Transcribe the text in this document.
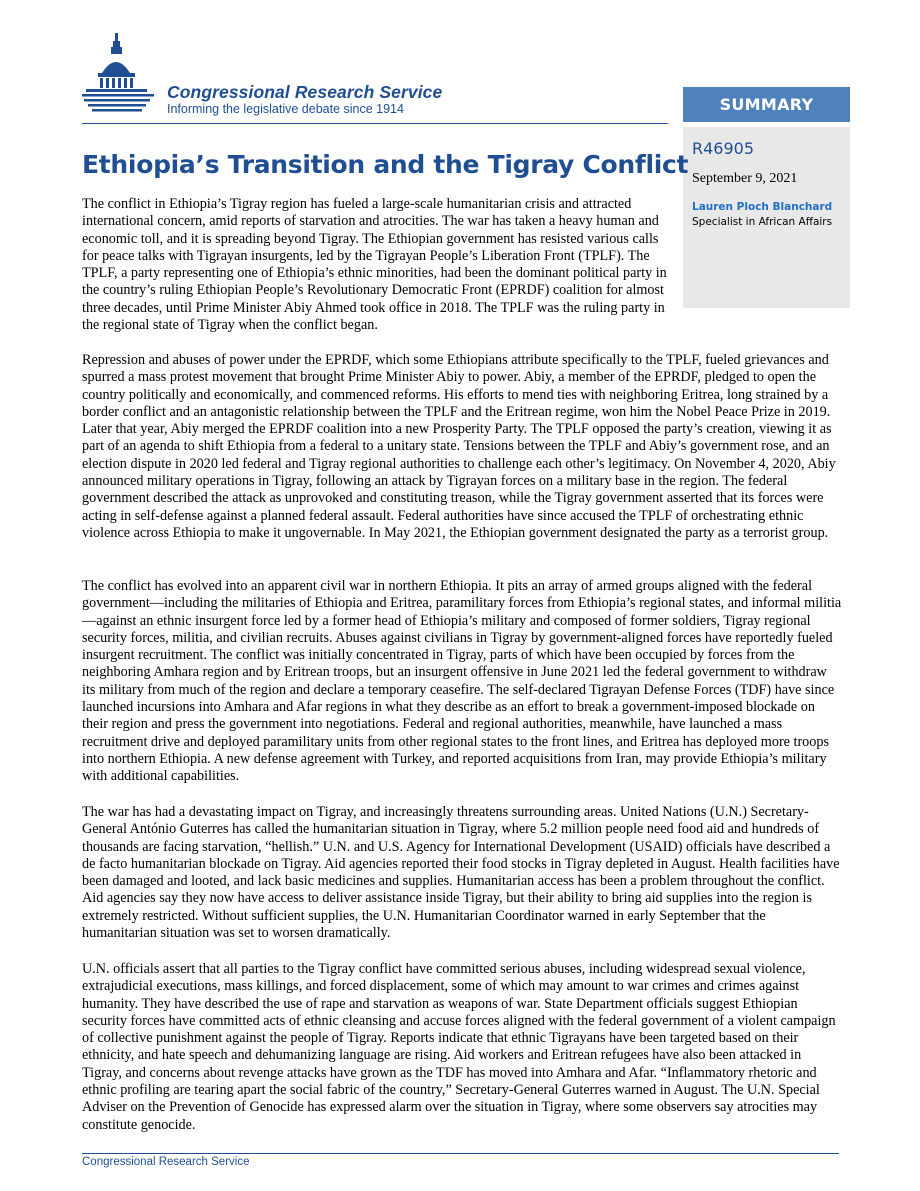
Congressional Research Service
Informing the legislative debate since 1914	SUMMARY
R46905
September 9, 2021
Lauren Ploch Blanchard
Specialist in African Affairs
Ethiopia’s Transition and the Tigray Conflict

The conflict in Ethiopia’s Tigray region has fueled a large-scale humanitarian crisis and attracted international concern, amid reports of starvation and atrocities. The war has taken a heavy human and economic toll, and it is spreading beyond Tigray. The Ethiopian government has resisted various calls for peace talks with Tigrayan insurgents, led by the Tigrayan People’s Liberation Front (TPLF). The TPLF, a party representing one of Ethiopia’s ethnic minorities, had been the dominant political party in the country’s ruling Ethiopian People’s Revolutionary Democratic Front (EPRDF) coalition for almost three decades, until Prime Minister Abiy Ahmed took office in 2018. The TPLF was the ruling party in the regional state of Tigray when the conflict began.

Repression and abuses of power under the EPRDF, which some Ethiopians attribute specifically to the TPLF, fueled grievances and spurred a mass protest movement that brought Prime Minister Abiy to power. Abiy, a member of the EPRDF, pledged to open the country politically and economically, and commenced reforms. His efforts to mend ties with neighboring Eritrea, long strained by a border conflict and an antagonistic relationship between the TPLF and the Eritrean regime, won him the Nobel Peace Prize in 2019. Later that year, Abiy merged the EPRDF coalition into a new Prosperity Party. The TPLF opposed the party’s creation, viewing it as part of an agenda to shift Ethiopia from a federal to a unitary state. Tensions between the TPLF and Abiy’s government rose, and an election dispute in 2020 led federal and Tigray regional authorities to challenge each other’s legitimacy. On November 4, 2020, Abiy announced military operations in Tigray, following an attack by Tigrayan forces on a military base in the region. The federal government described the attack as unprovoked and constituting treason, while the Tigray government asserted that its forces were acting in self-defense against a planned federal assault. Federal authorities have since accused the TPLF of orchestrating ethnic violence across Ethiopia to make it ungovernable. In May 2021, the Ethiopian government designated the party as a terrorist group.

The conflict has evolved into an apparent civil war in northern Ethiopia. It pits an array of armed groups aligned with the federal government—including the militaries of Ethiopia and Eritrea, paramilitary forces from Ethiopia’s regional states, and informal militia—against an ethnic insurgent force led by a former head of Ethiopia’s military and composed of former soldiers, Tigray regional security forces, militia, and civilian recruits. Abuses against civilians in Tigray by government-aligned forces have reportedly fueled insurgent recruitment. The conflict was initially concentrated in Tigray, parts of which have been occupied by forces from the neighboring Amhara region and by Eritrean troops, but an insurgent offensive in June 2021 led the federal government to withdraw its military from much of the region and declare a temporary ceasefire. The self-declared Tigrayan Defense Forces (TDF) have since launched incursions into Amhara and Afar regions in what they describe as an effort to break a government-imposed blockade on their region and press the government into negotiations. Federal and regional authorities, meanwhile, have launched a mass recruitment drive and deployed paramilitary units from other regional states to the front lines, and Eritrea has deployed more troops into northern Ethiopia. A new defense agreement with Turkey, and reported acquisitions from Iran, may provide Ethiopia’s military with additional capabilities.

The war has had a devastating impact on Tigray, and increasingly threatens surrounding areas. United Nations (U.N.) Secretary-General António Guterres has called the humanitarian situation in Tigray, where 5.2 million people need food aid and hundreds of thousands are facing starvation, “hellish.” U.N. and U.S. Agency for International Development (USAID) officials have described a de facto humanitarian blockade on Tigray. Aid agencies reported their food stocks in Tigray depleted in August. Health facilities have been damaged and looted, and lack basic medicines and supplies. Humanitarian access has been a problem throughout the conflict. Aid agencies say they now have access to deliver assistance inside Tigray, but their ability to bring aid supplies into the region is extremely restricted. Without sufficient supplies, the U.N. Humanitarian Coordinator warned in early September that the humanitarian situation was set to worsen dramatically.

U.N. officials assert that all parties to the Tigray conflict have committed serious abuses, including widespread sexual violence, extrajudicial executions, mass killings, and forced displacement, some of which may amount to war crimes and crimes against humanity. They have described the use of rape and starvation as weapons of war. State Department officials suggest Ethiopian security forces have committed acts of ethnic cleansing and accuse forces aligned with the federal government of a violent campaign of collective punishment against the people of Tigray. Reports indicate that ethnic Tigrayans have been targeted based on their ethnicity, and hate speech and dehumanizing language are rising. Aid workers and Eritrean refugees have also been attacked in Tigray, and concerns about revenge attacks have grown as the TDF has moved into Amhara and Afar. “Inflammatory rhetoric and ethnic profiling are tearing apart the social fabric of the country,” Secretary-General Guterres warned in August. The U.N. Special Adviser on the Prevention of Genocide has expressed alarm over the situation in Tigray, where some observers say atrocities may constitute genocide.

Congressional Research Service
